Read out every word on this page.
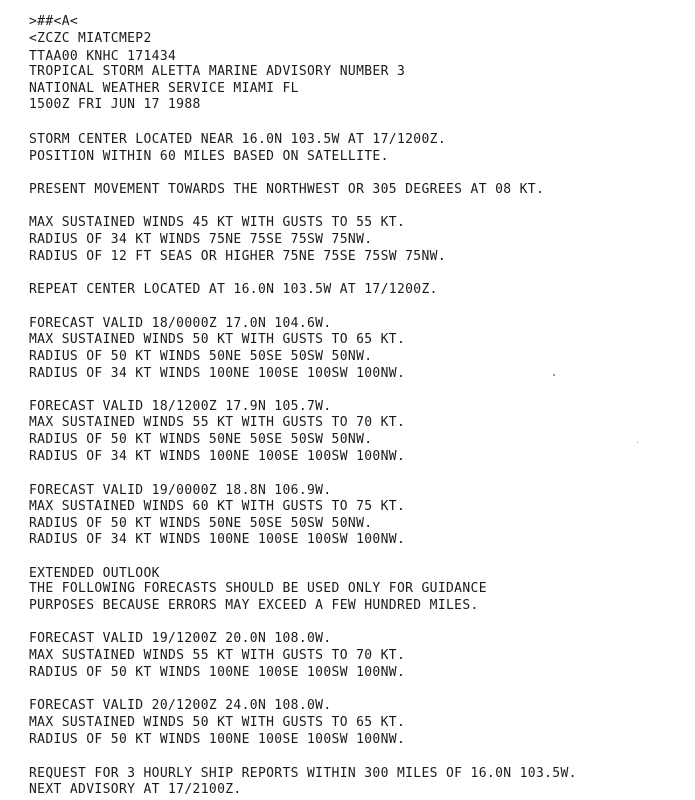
>##<A<
<ZCZC MIATCMEP2
TTAA00 KNHC 171434
TROPICAL STORM ALETTA MARINE ADVISORY NUMBER 3
NATIONAL WEATHER SERVICE MIAMI FL
1500Z FRI JUN 17 1988
STORM CENTER LOCATED NEAR 16.0N 103.5W AT 17/1200Z.
POSITION WITHIN 60 MILES BASED ON SATELLITE.
PRESENT MOVEMENT TOWARDS THE NORTHWEST OR 305 DEGREES AT 08 KT.
MAX SUSTAINED WINDS 45 KT WITH GUSTS TO 55 KT.
RADIUS OF 34 KT WINDS 75NE 75SE 75SW 75NW.
RADIUS OF 12 FT SEAS OR HIGHER 75NE 75SE 75SW 75NW.
REPEAT CENTER LOCATED AT 16.0N 103.5W AT 17/1200Z.
FORECAST VALID 18/0000Z 17.0N 104.6W.
MAX SUSTAINED WINDS 50 KT WITH GUSTS TO 65 KT.
RADIUS OF 50 KT WINDS 50NE 50SE 50SW 50NW.
RADIUS OF 34 KT WINDS 100NE 100SE 100SW 100NW.
FORECAST VALID 18/1200Z 17.9N 105.7W.
MAX SUSTAINED WINDS 55 KT WITH GUSTS TO 70 KT.
RADIUS OF 50 KT WINDS 50NE 50SE 50SW 50NW.
RADIUS OF 34 KT WINDS 100NE 100SE 100SW 100NW.
FORECAST VALID 19/0000Z 18.8N 106.9W.
MAX SUSTAINED WINDS 60 KT WITH GUSTS TO 75 KT.
RADIUS OF 50 KT WINDS 50NE 50SE 50SW 50NW.
RADIUS OF 34 KT WINDS 100NE 100SE 100SW 100NW.
EXTENDED OUTLOOK
THE FOLLOWING FORECASTS SHOULD BE USED ONLY FOR GUIDANCE
PURPOSES BECAUSE ERRORS MAY EXCEED A FEW HUNDRED MILES.
FORECAST VALID 19/1200Z 20.0N 108.0W.
MAX SUSTAINED WINDS 55 KT WITH GUSTS TO 70 KT.
RADIUS OF 50 KT WINDS 100NE 100SE 100SW 100NW.
FORECAST VALID 20/1200Z 24.0N 108.0W.
MAX SUSTAINED WINDS 50 KT WITH GUSTS TO 65 KT.
RADIUS OF 50 KT WINDS 100NE 100SE 100SW 100NW.
REQUEST FOR 3 HOURLY SHIP REPORTS WITHIN 300 MILES OF 16.0N 103.5W.
NEXT ADVISORY AT 17/2100Z.
